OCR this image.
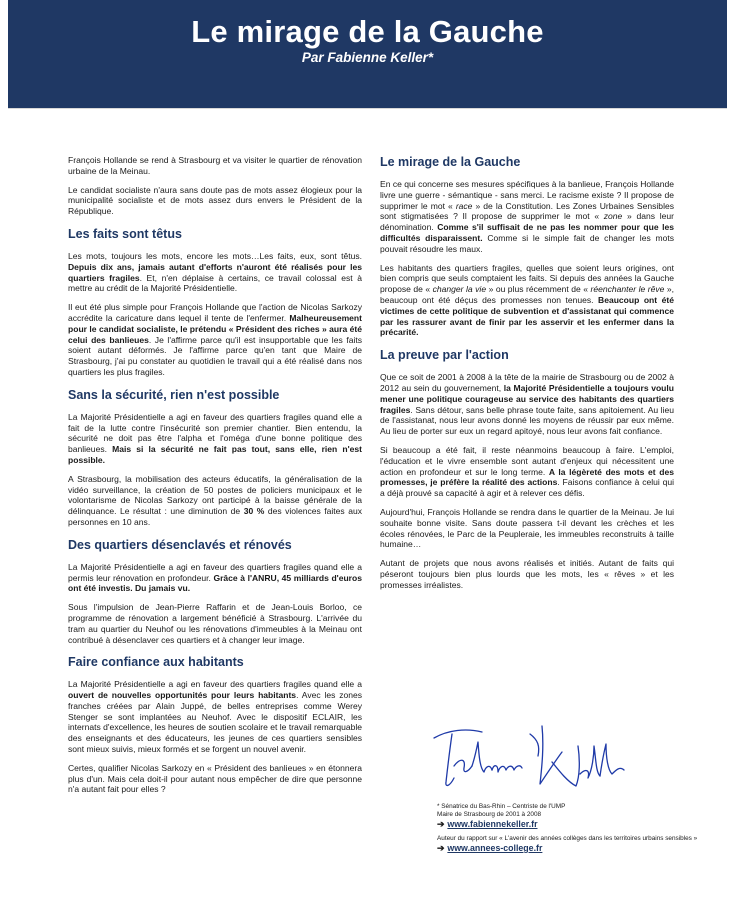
Le mirage de la Gauche
Par Fabienne Keller*

François Hollande se rend à Strasbourg et va visiter le quartier de rénovation urbaine de la Meinau.

Le candidat socialiste n'aura sans doute pas de mots assez élogieux pour la municipalité socialiste et de mots assez durs envers le Président de la République.

Les faits sont têtus

Les mots, toujours les mots, encore les mots…Les faits, eux, sont têtus. Depuis dix ans, jamais autant d'efforts n'auront été réalisés pour les quartiers fragiles. Et, n'en déplaise à certains, ce travail colossal est à mettre au crédit de la Majorité Présidentielle.

Il eut été plus simple pour François Hollande que l'action de Nicolas Sarkozy accrédite la caricature dans lequel il tente de l'enfermer. Malheureusement pour le candidat socialiste, le prétendu « Président des riches » aura été celui des banlieues. Je l'affirme parce qu'il est insupportable que les faits soient autant déformés. Je l'affirme parce qu'en tant que Maire de Strasbourg, j'ai pu constater au quotidien le travail qui a été réalisé dans nos quartiers les plus fragiles.

Sans la sécurité, rien n'est possible

La Majorité Présidentielle a agi en faveur des quartiers fragiles quand elle a fait de la lutte contre l'insécurité son premier chantier. Bien entendu, la sécurité ne doit pas être l'alpha et l'oméga d'une bonne politique des banlieues. Mais si la sécurité ne fait pas tout, sans elle, rien n'est possible.

A Strasbourg, la mobilisation des acteurs éducatifs, la généralisation de la vidéo surveillance, la création de 50 postes de policiers municipaux et le volontarisme de Nicolas Sarkozy ont participé à la baisse générale de la délinquance. Le résultat : une diminution de 30 % des violences faites aux personnes en 10 ans.

Des quartiers désenclavés et rénovés

La Majorité Présidentielle a agi en faveur des quartiers fragiles quand elle a permis leur rénovation en profondeur. Grâce à l'ANRU, 45 milliards d'euros ont été investis. Du jamais vu.

Sous l'impulsion de Jean-Pierre Raffarin et de Jean-Louis Borloo, ce programme de rénovation a largement bénéficié à Strasbourg. L'arrivée du tram au quartier du Neuhof ou les rénovations d'immeubles à la Meinau ont contribué à désenclaver ces quartiers et à changer leur image.

Faire confiance aux habitants

La Majorité Présidentielle a agi en faveur des quartiers fragiles quand elle a ouvert de nouvelles opportunités pour leurs habitants. Avec les zones franches créées par Alain Juppé, de belles entreprises comme Werey Stenger se sont implantées au Neuhof. Avec le dispositif ECLAIR, les internats d'excellence, les heures de soutien scolaire et le travail remarquable des enseignants et des éducateurs, les jeunes de ces quartiers sensibles sont mieux suivis, mieux formés et se forgent un nouvel avenir.

Certes, qualifier Nicolas Sarkozy en « Président des banlieues » en étonnera plus d'un. Mais cela doit-il pour autant nous empêcher de dire que personne n'a autant fait pour elles ?

Le mirage de la Gauche

En ce qui concerne ses mesures spécifiques à la banlieue, François Hollande livre une guerre - sémantique - sans merci. Le racisme existe ? Il propose de supprimer le mot « race » de la Constitution. Les Zones Urbaines Sensibles sont stigmatisées ? Il propose de supprimer le mot « zone » dans leur dénomination. Comme s'il suffisait de ne pas les nommer pour que les difficultés disparaissent. Comme si le simple fait de changer les mots pouvait résoudre les maux.

Les habitants des quartiers fragiles, quelles que soient leurs origines, ont bien compris que seuls comptaient les faits. Si depuis des années la Gauche propose de « changer la vie » ou plus récemment de « réenchanter le rêve », beaucoup ont été déçus des promesses non tenues. Beaucoup ont été victimes de cette politique de subvention et d'assistanat qui commence par les rassurer avant de finir par les asservir et les enfermer dans la précarité.

La preuve par l'action

Que ce soit de 2001 à 2008 à la tête de la mairie de Strasbourg ou de 2002 à 2012 au sein du gouvernement, la Majorité Présidentielle a toujours voulu mener une politique courageuse au service des habitants des quartiers fragiles. Sans détour, sans belle phrase toute faite, sans apitoiement. Au lieu de l'assistanat, nous leur avons donné les moyens de réussir par eux même. Au lieu de porter sur eux un regard apitoyé, nous leur avons fait confiance.

Si beaucoup a été fait, il reste néanmoins beaucoup à faire. L'emploi, l'éducation et le vivre ensemble sont autant d'enjeux qui nécessitent une action en profondeur et sur le long terme. A la légèreté des mots et des promesses, je préfère la réalité des actions. Faisons confiance à celui qui a déjà prouvé sa capacité à agir et à relever ces défis.

Aujourd'hui, François Hollande se rendra dans le quartier de la Meinau. Je lui souhaite bonne visite. Sans doute passera t-il devant les crèches et les écoles rénovées, le Parc de la Peupleraie, les immeubles reconstruits à taille humaine…

Autant de projets que nous avons réalisés et initiés. Autant de faits qui péseront toujours bien plus lourds que les mots, les « rêves » et les promesses irréalistes.

* Sénatrice du Bas-Rhin – Centriste de l'UMP
Maire de Strasbourg de 2001 à 2008
➔ www.fabiennekeller.fr
Auteur du rapport sur « L'avenir des années collèges dans les territoires urbains sensibles »
➔ www.annees-college.fr
